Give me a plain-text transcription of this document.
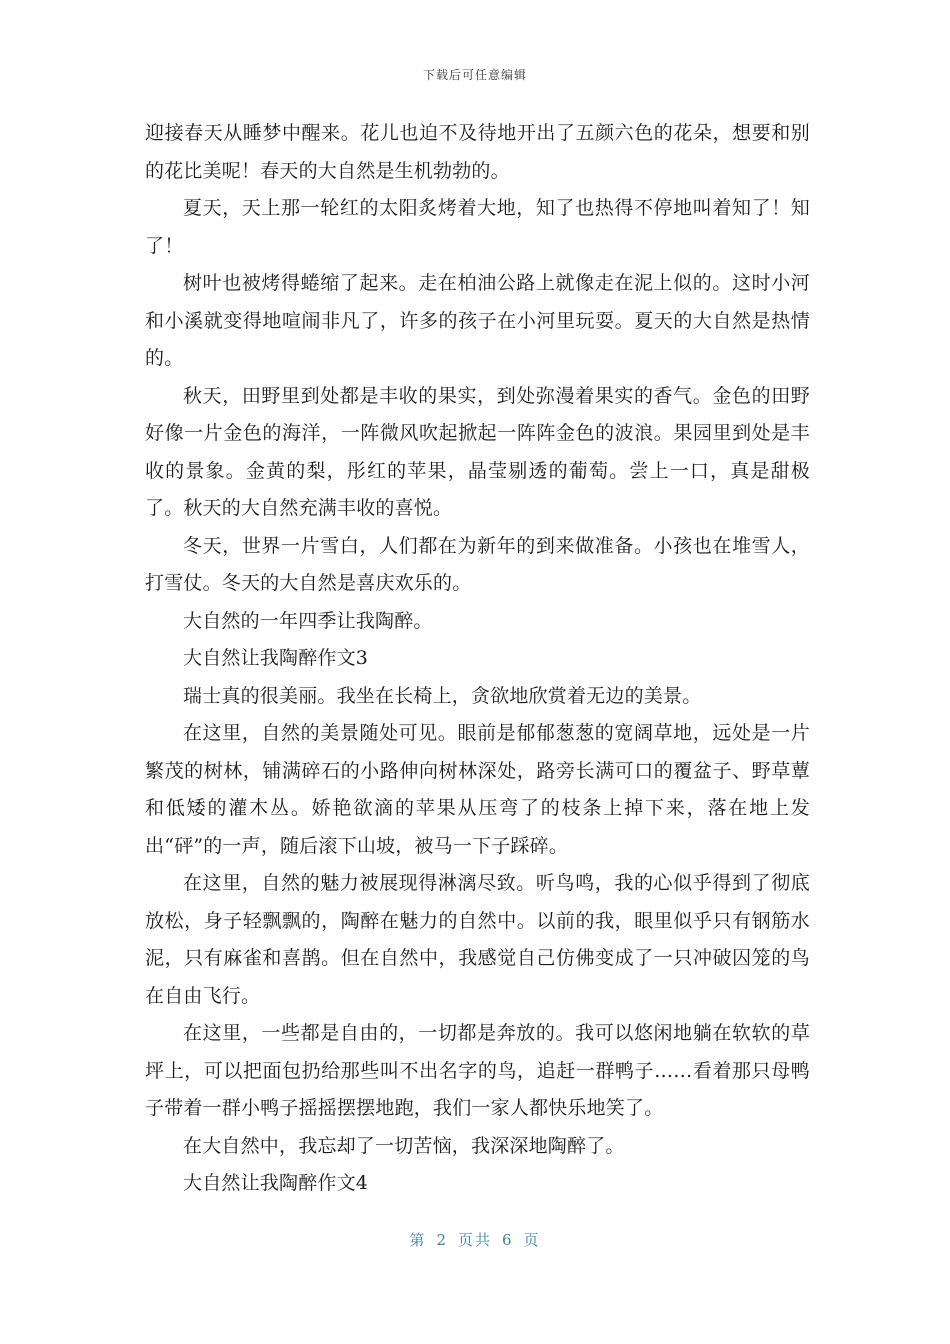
下载后可任意编辑

迎接春天从睡梦中醒来。花儿也迫不及待地开出了五颜六色的花朵，想要和别的花比美呢！春天的大自然是生机勃勃的。

夏天，天上那一轮红的太阳炙烤着大地，知了也热得不停地叫着知了！知了！

树叶也被烤得蜷缩了起来。走在柏油公路上就像走在泥上似的。这时小河和小溪就变得地喧闹非凡了，许多的孩子在小河里玩耍。夏天的大自然是热情的。

秋天，田野里到处都是丰收的果实，到处弥漫着果实的香气。金色的田野好像一片金色的海洋，一阵微风吹起掀起一阵阵金色的波浪。果园里到处是丰收的景象。金黄的梨，彤红的苹果，晶莹剔透的葡萄。尝上一口，真是甜极了。秋天的大自然充满丰收的喜悦。

冬天，世界一片雪白，人们都在为新年的到来做准备。小孩也在堆雪人，打雪仗。冬天的大自然是喜庆欢乐的。

大自然的一年四季让我陶醉。

大自然让我陶醉作文3

瑞士真的很美丽。我坐在长椅上，贪欲地欣赏着无边的美景。

在这里，自然的美景随处可见。眼前是郁郁葱葱的宽阔草地，远处是一片繁茂的树林，铺满碎石的小路伸向树林深处，路旁长满可口的覆盆子、野草蕈和低矮的灌木丛。娇艳欲滴的苹果从压弯了的枝条上掉下来，落在地上发出“砰”的一声，随后滚下山坡，被马一下子踩碎。

在这里，自然的魅力被展现得淋漓尽致。听鸟鸣，我的心似乎得到了彻底放松，身子轻飘飘的，陶醉在魅力的自然中。以前的我，眼里似乎只有钢筋水泥，只有麻雀和喜鹊。但在自然中，我感觉自己仿佛变成了一只冲破囚笼的鸟在自由飞行。

在这里，一些都是自由的，一切都是奔放的。我可以悠闲地躺在软软的草坪上，可以把面包扔给那些叫不出名字的鸟，追赶一群鸭子……看着那只母鸭子带着一群小鸭子摇摇摆摆地跑，我们一家人都快乐地笑了。

在大自然中，我忘却了一切苦恼，我深深地陶醉了。

大自然让我陶醉作文4

第 2 页共 6 页
